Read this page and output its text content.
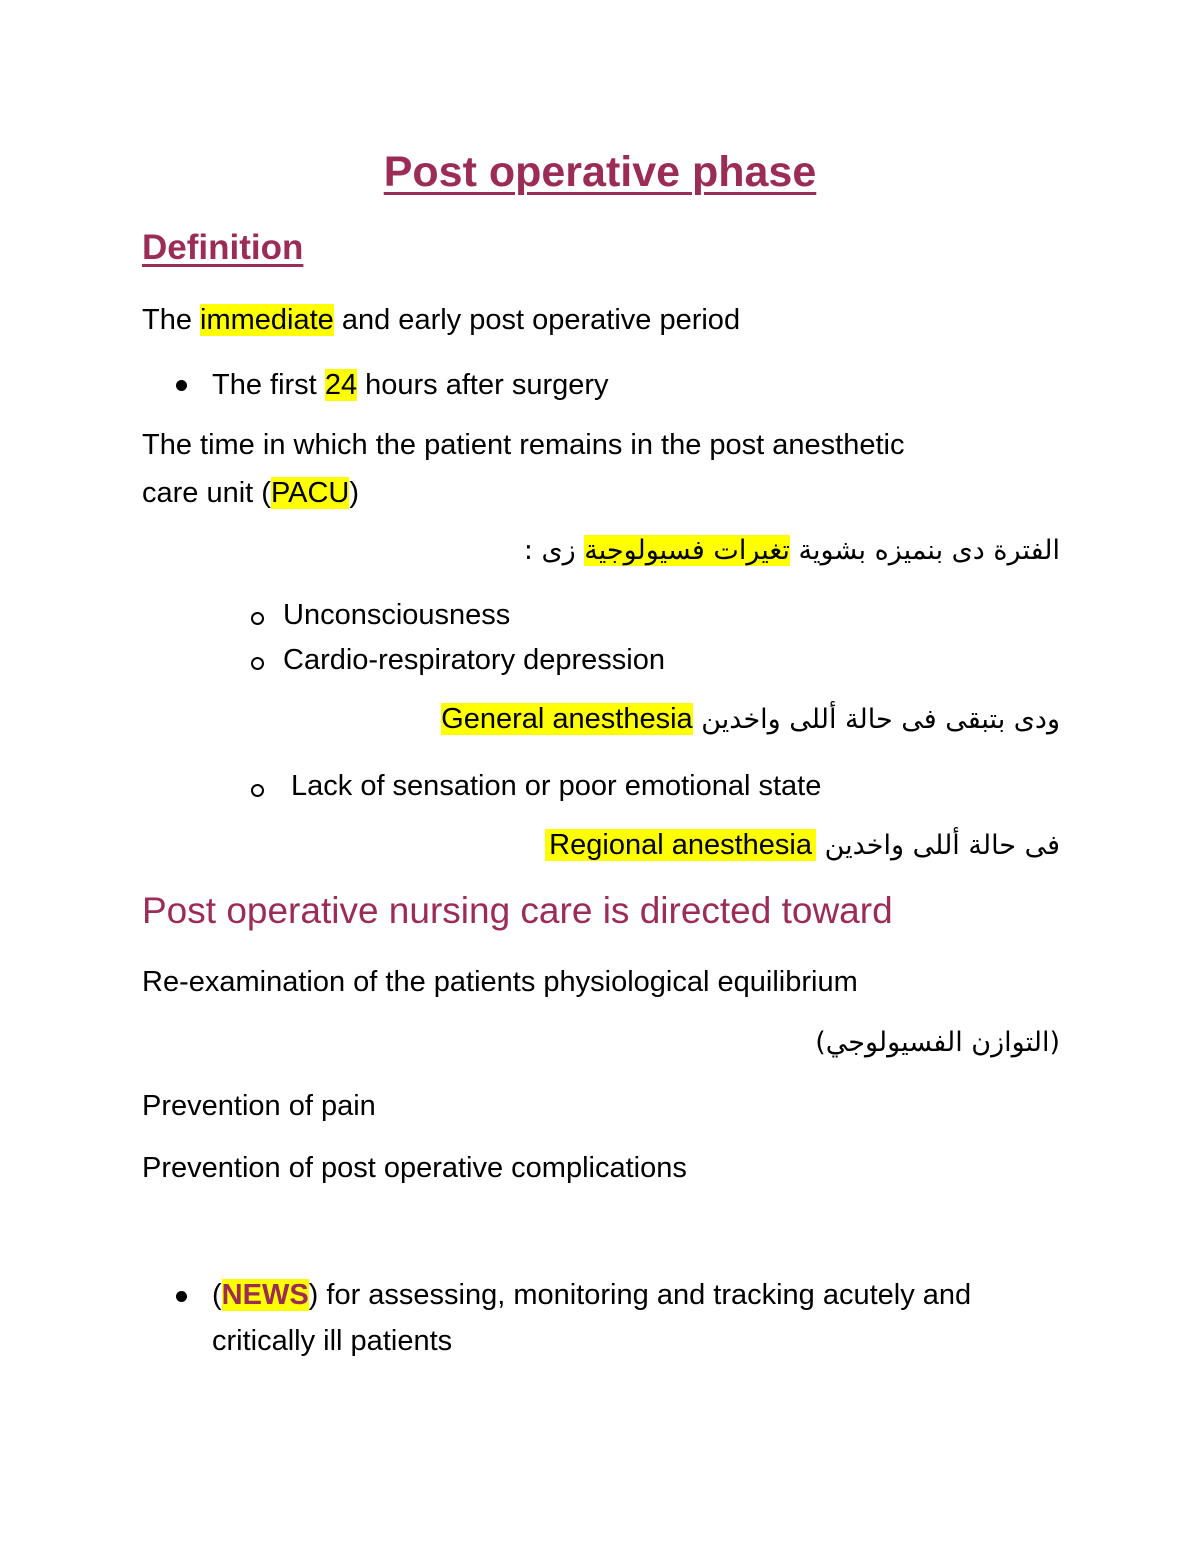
Post operative phase
Definition
The immediate and early post operative period
The first 24 hours after surgery
The time in which the patient remains in the post anesthetic
care unit (PACU)
الفترة دى بنميزه بشوية تغيرات فسيولوجية زى :
Unconsciousness
Cardio-respiratory depression
ودى بتبقى فى حالة أللى واخدين General anesthesia
Lack of sensation or poor emotional state
فى حالة أللى واخدين Regional anesthesia
Post operative nursing care is directed toward
Re-examination of the patients physiological equilibrium
(التوازن الفسيولوجي)
Prevention of pain
Prevention of post operative complications
(NEWS) for assessing, monitoring and tracking acutely and
critically ill patients
